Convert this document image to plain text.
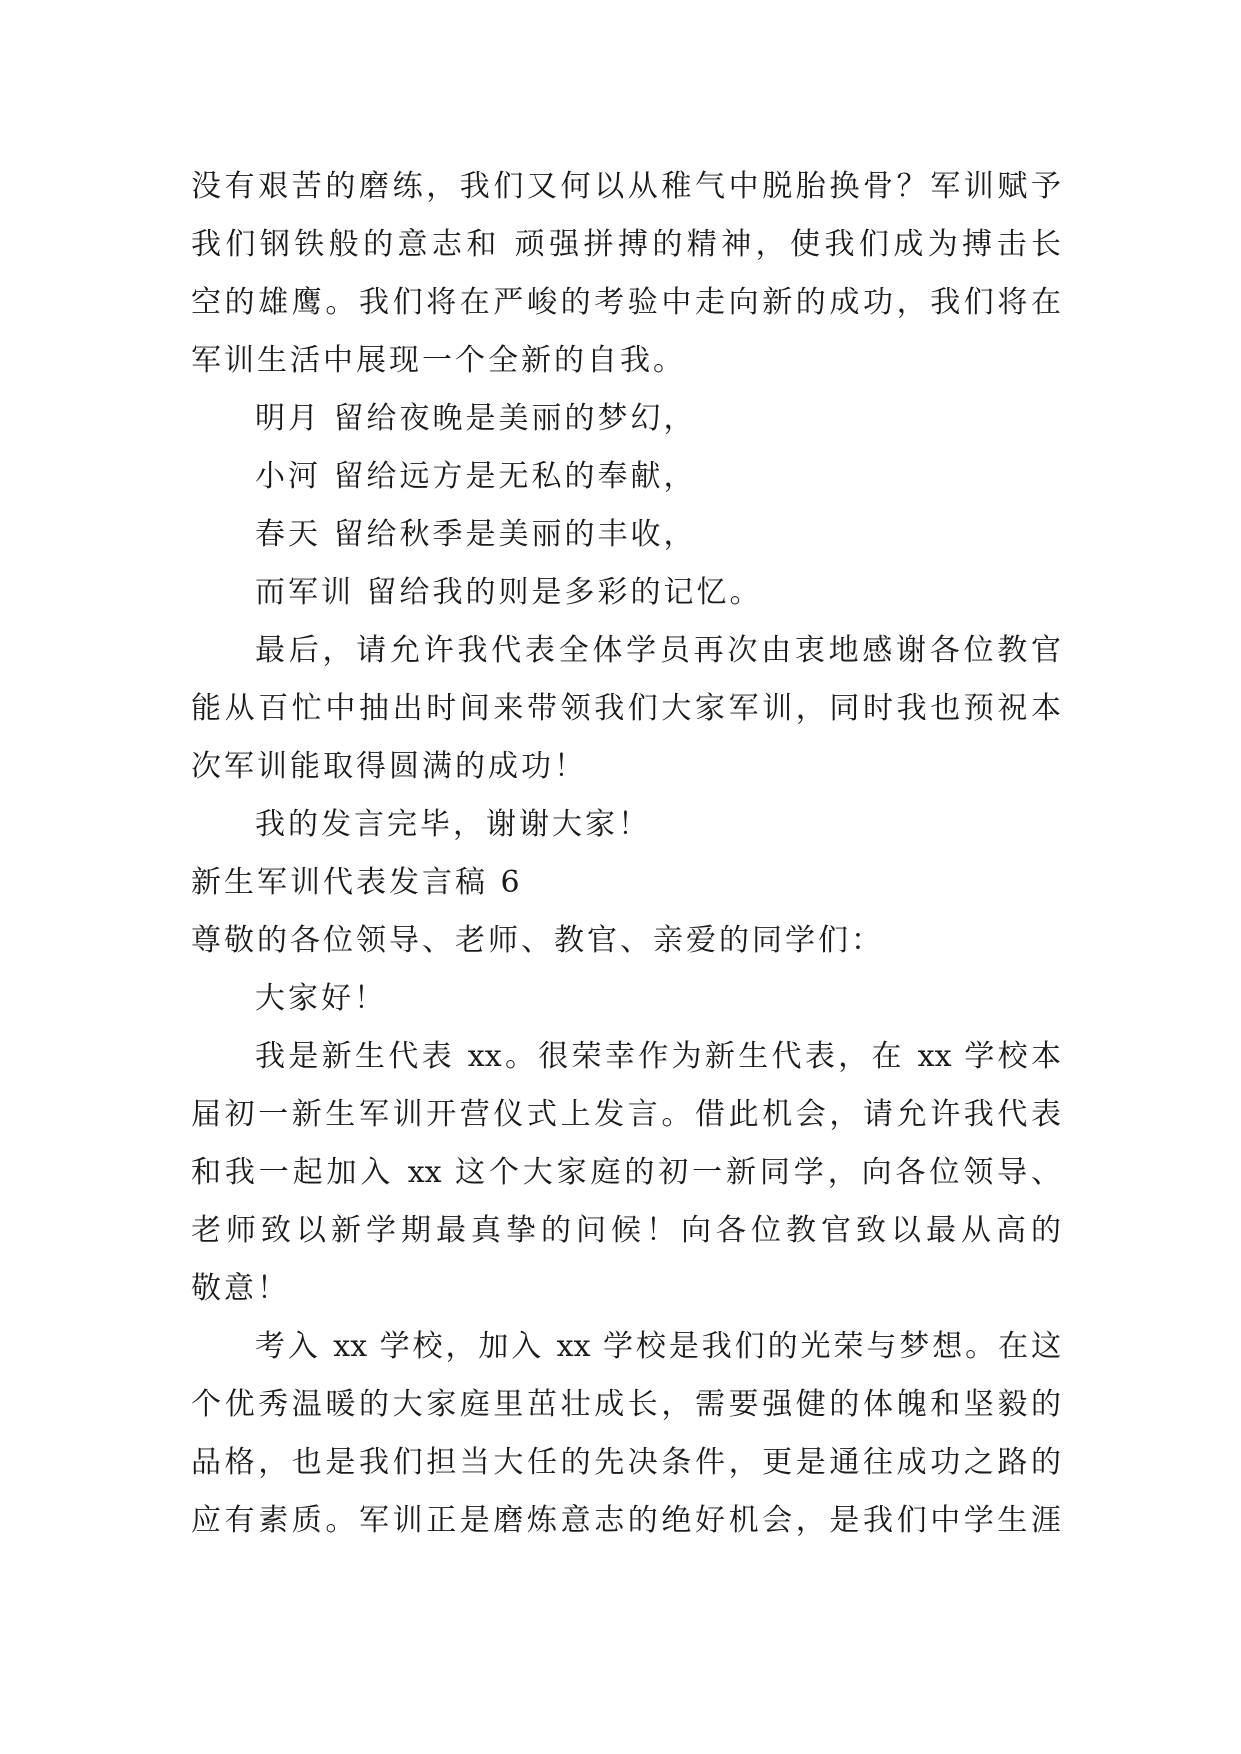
没有艰苦的磨练，我们又何以从稚气中脱胎换骨？军训赋予
我们钢铁般的意志和 顽强拼搏的精神，使我们成为搏击长
空的雄鹰。我们将在严峻的考验中走向新的成功，我们将在
军训生活中展现一个全新的自我。
明月 留给夜晚是美丽的梦幻，
小河 留给远方是无私的奉献，
春天 留给秋季是美丽的丰收，
而军训 留给我的则是多彩的记忆。
最后，请允许我代表全体学员再次由衷地感谢各位教官
能从百忙中抽出时间来带领我们大家军训，同时我也预祝本
次军训能取得圆满的成功！
我的发言完毕，谢谢大家！
新生军训代表发言稿 6
尊敬的各位领导、老师、教官、亲爱的同学们：
大家好！
我是新生代表 xx。很荣幸作为新生代表，在 xx 学校本
届初一新生军训开营仪式上发言。借此机会，请允许我代表
和我一起加入 xx 这个大家庭的初一新同学，向各位领导、
老师致以新学期最真挚的问候！向各位教官致以最从高的
敬意！
考入 xx 学校，加入 xx 学校是我们的光荣与梦想。在这
个优秀温暖的大家庭里茁壮成长，需要强健的体魄和坚毅的
品格，也是我们担当大任的先决条件，更是通往成功之路的
应有素质。军训正是磨炼意志的绝好机会，是我们中学生涯
